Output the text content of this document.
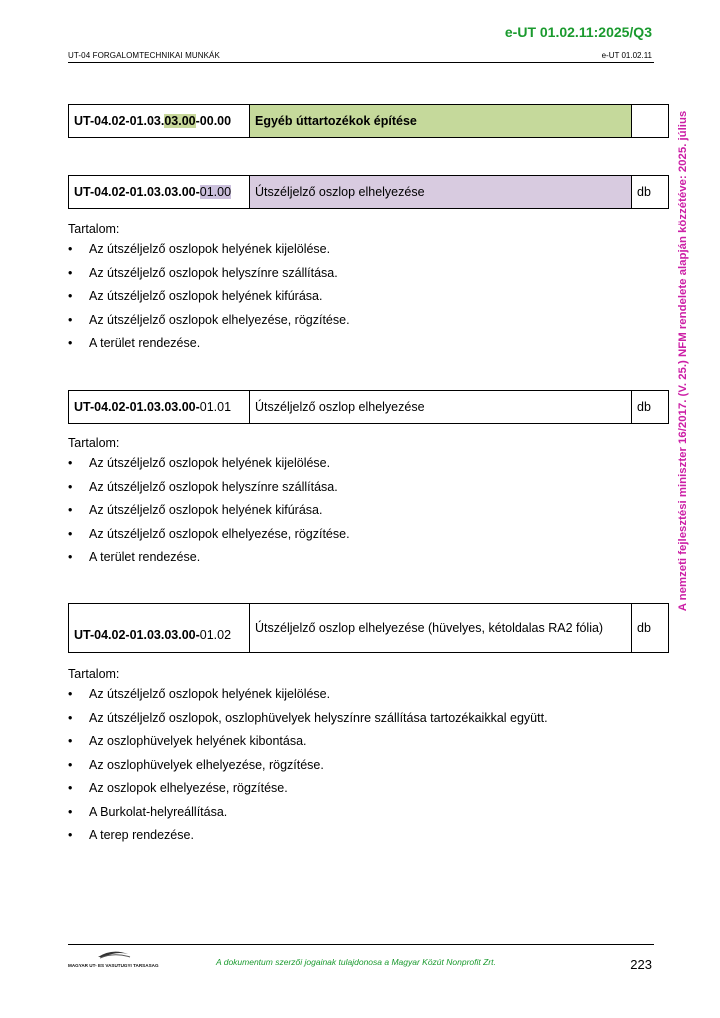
e-UT 01.02.11:2025/Q3
UT-04 FORGALOMTECHNIKAI MUNKÁK	e-UT 01.02.11
A nemzeti fejlesztési miniszter 16/2017. (V. 25.) NFM rendelete alapján közzétéve: 2025. július
UT-04.02-01.03.03.00-00.00	Egyéb úttartozékok építése	
UT-04.02-01.03.03.00-01.00	Útszéljelző oszlop elhelyezése	db
Tartalom:
• Az útszéljelző oszlopok helyének kijelölése.
• Az útszéljelző oszlopok helyszínre szállítása.
• Az útszéljelző oszlopok helyének kifúrása.
• Az útszéljelző oszlopok elhelyezése, rögzítése.
• A terület rendezése.
UT-04.02-01.03.03.00-01.01	Útszéljelző oszlop elhelyezése	db
Tartalom:
• Az útszéljelző oszlopok helyének kijelölése.
• Az útszéljelző oszlopok helyszínre szállítása.
• Az útszéljelző oszlopok helyének kifúrása.
• Az útszéljelző oszlopok elhelyezése, rögzítése.
• A terület rendezése.
UT-04.02-01.03.03.00-01.02	Útszéljelző oszlop elhelyezése (hüvelyes, kétoldalas RA2 fólia)	db
Tartalom:
• Az útszéljelző oszlopok helyének kijelölése.
• Az útszéljelző oszlopok, oszlophüvelyek helyszínre szállítása tartozékaikkal együtt.
• Az oszlophüvelyek helyének kibontása.
• Az oszlophüvelyek elhelyezése, rögzítése.
• Az oszlopok elhelyezése, rögzítése.
• A Burkolat-helyreállítása.
• A terep rendezése.
MAGYAR UT- ES VASUTUGYI TARSASAG	A dokumentum szerzői jogainak tulajdonosa a Magyar Közút Nonprofit Zrt.	223
